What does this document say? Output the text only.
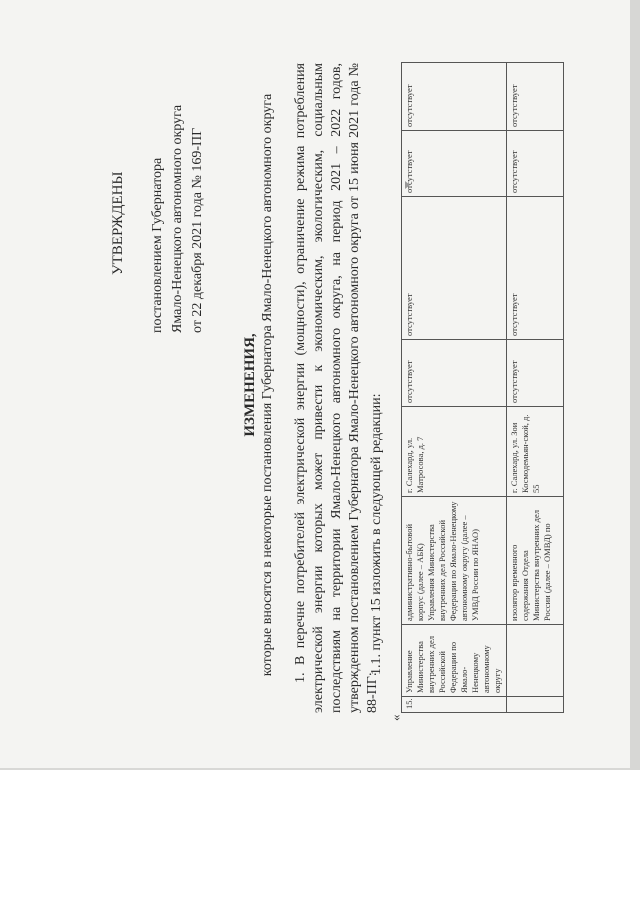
УТВЕРЖДЕНЫ постановлением Губернатора Ямало-Ненецкого автономного округа от 22 декабря 2021 года № 169-ПГ
ИЗМЕНЕНИЯ, которые вносятся в некоторые постановления Губернатора Ямало-Ненецкого автономного округа 1. В перечне потребителей электрической энергии (мощности), ограничение режима потребления электрической энергии которых может привести к экономическим, экологическим, социальным последствиям на территории Ямало-Ненецкого автономного округа, на период 2021 – 2022 годов, утвержденном постановлением Губернатора Ямало-Ненецкого автономного округа от 15 июня 2021 года № 88-ПГ:
1.1. пункт 15 изложить в следующей редакции:
«
15.	Управление Министерства внутренних дел Российской Федерации по Ямало-Ненецкому автономному округу	административно-бытовой корпус (далее – АБК) Управления Министерства внутренних дел Российской Федерации по Ямало-Ненецкому автономному округу (далее – УМВД России по ЯНАО)	г. Салехард, ул. Матросова, д. 7	отсутствует	отсутствует	отсутствует	отсутствует
		изолятор временного содержания Отдела Министерства внутренних дел России (далее – ОМВД) по	г. Салехард, ул. Зои Космодемьян-ской, д. 55	отсутствует	отсутствует	отсутствует	отсутствует
